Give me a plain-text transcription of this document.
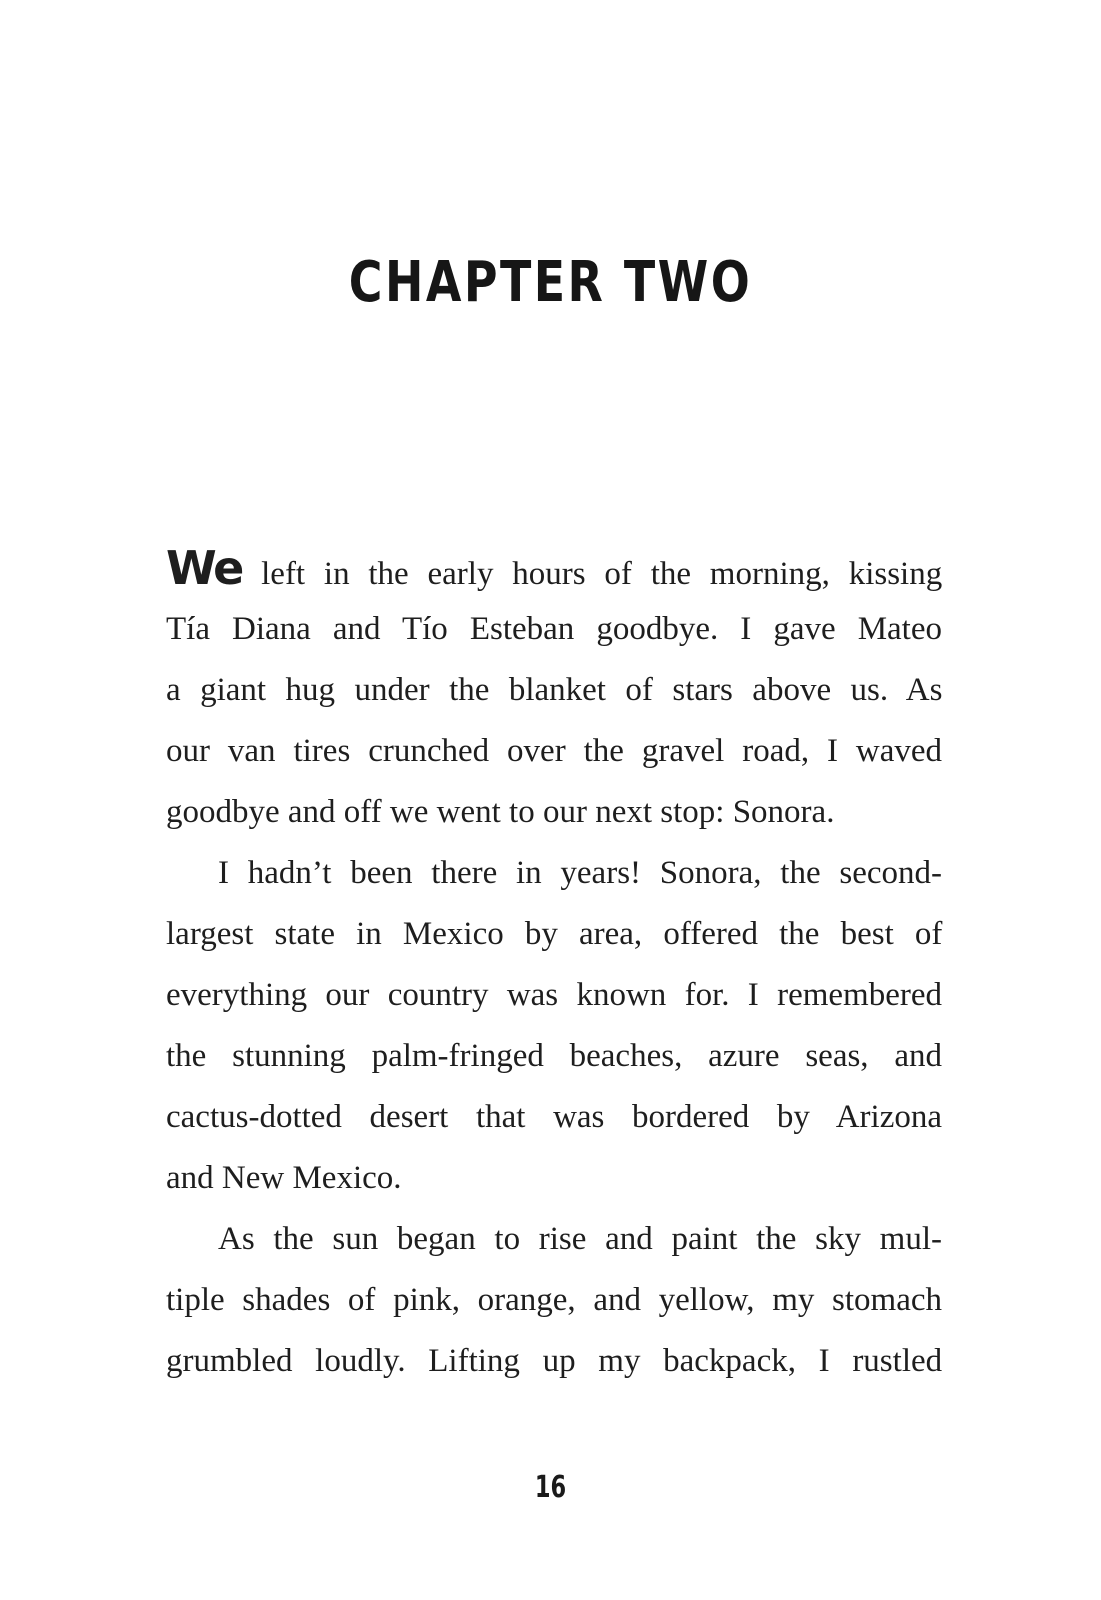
CHAPTER TWO
We left in the early hours of the morning, kissing
Tía Diana and Tío Esteban goodbye. I gave Mateo
a giant hug under the blanket of stars above us. As
our van tires crunched over the gravel road, I waved
goodbye and off we went to our next stop: Sonora.
I hadn’t been there in years! Sonora, the second-
largest state in Mexico by area, offered the best of
everything our country was known for. I remembered
the stunning palm-fringed beaches, azure seas, and
cactus-dotted desert that was bordered by Arizona
and New Mexico.
As the sun began to rise and paint the sky mul-
tiple shades of pink, orange, and yellow, my stomach
grumbled loudly. Lifting up my backpack, I rustled
16
